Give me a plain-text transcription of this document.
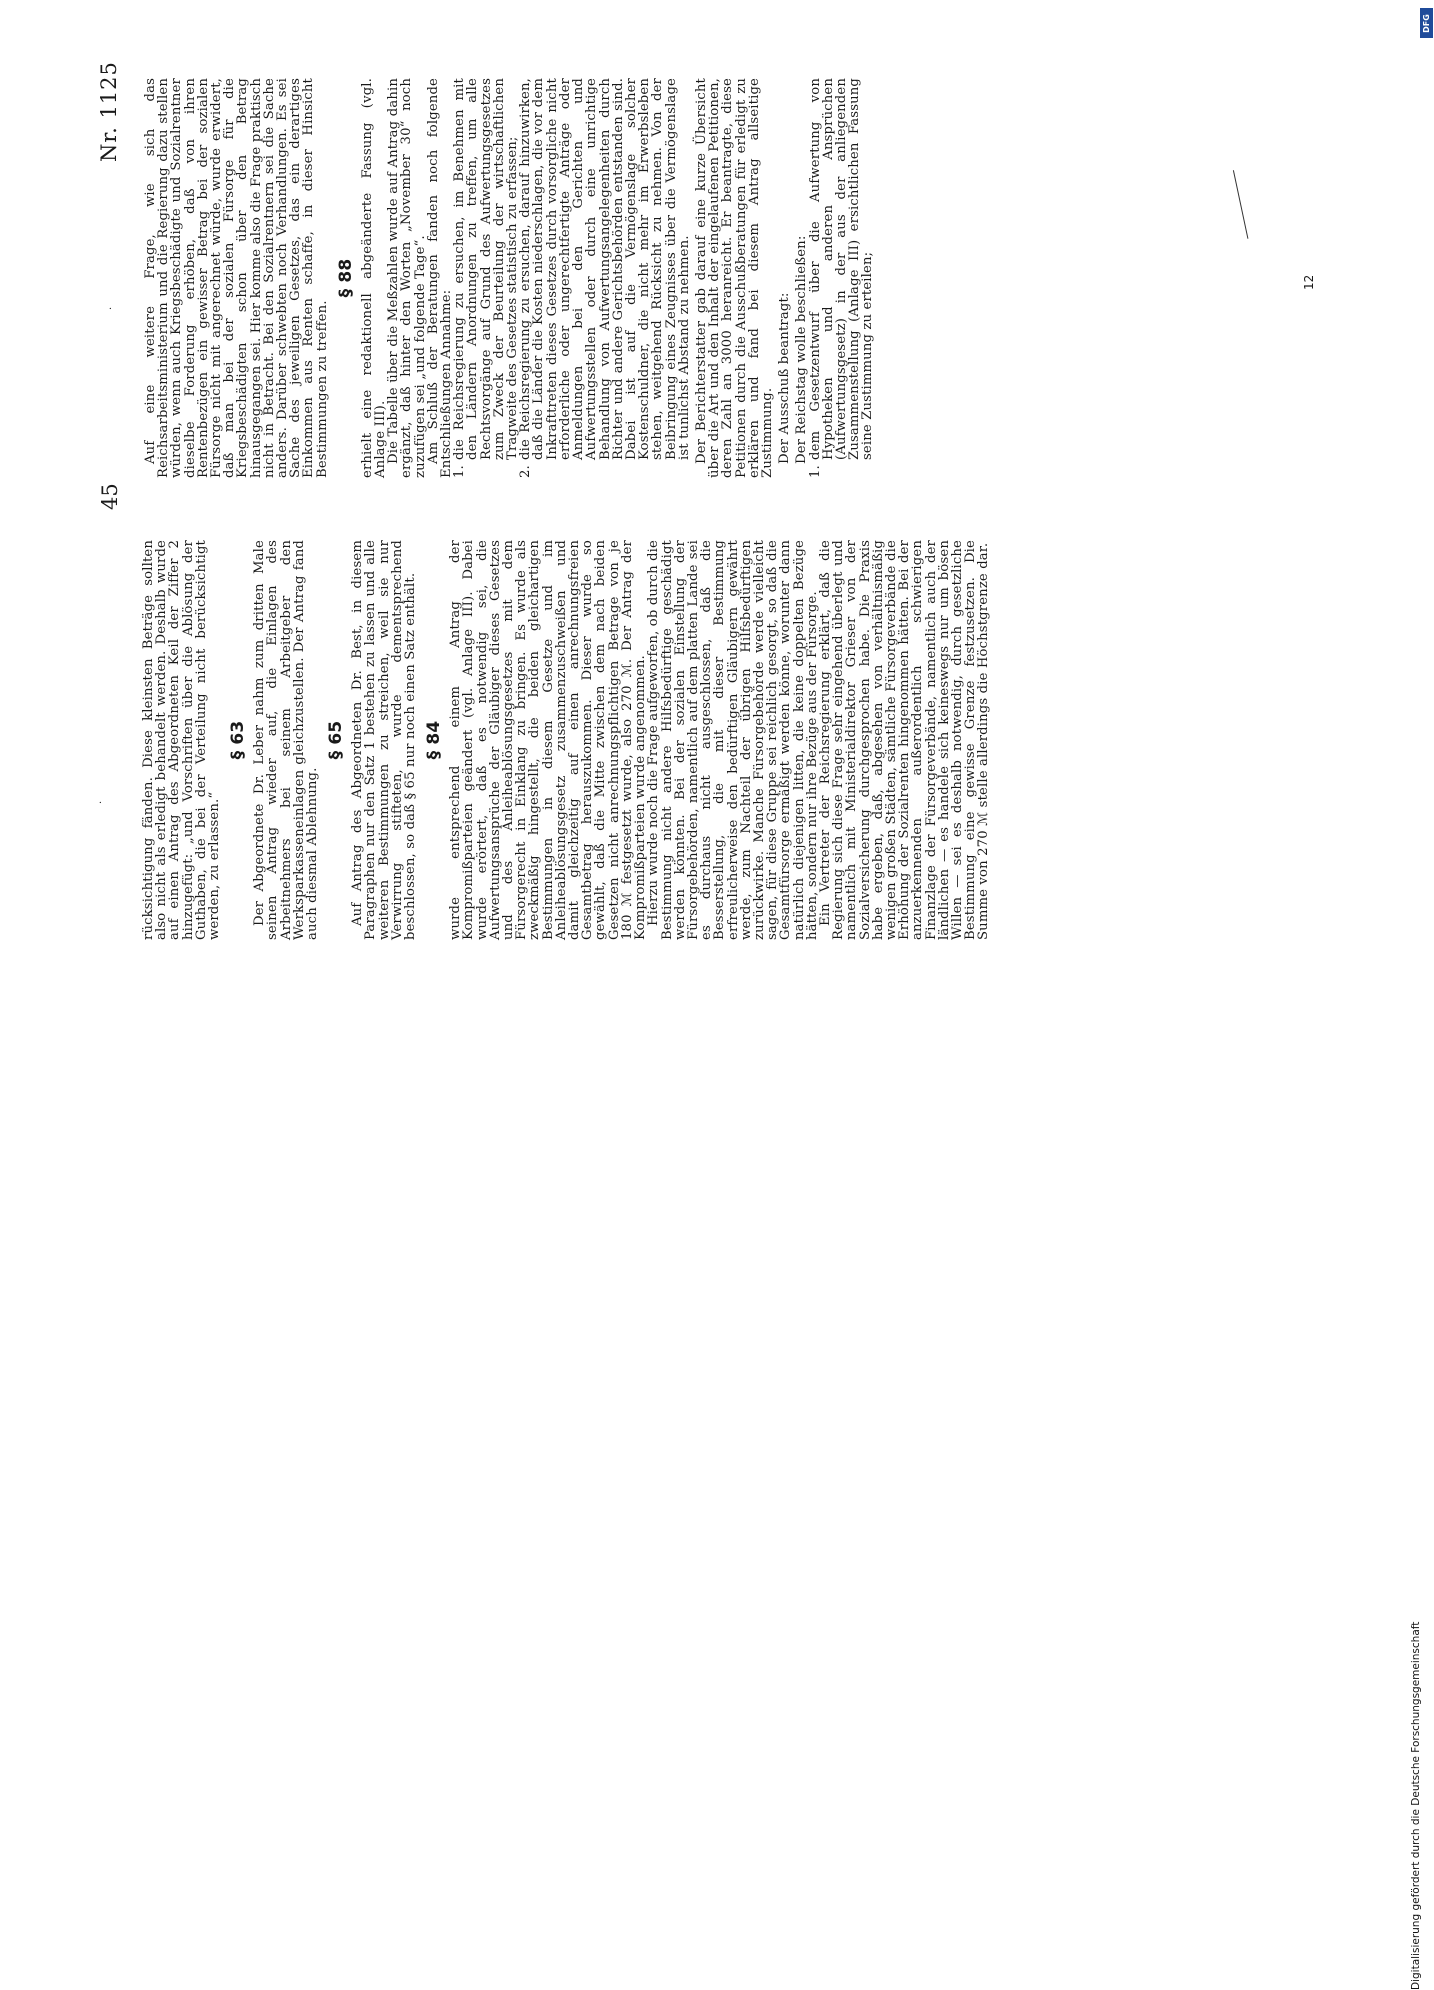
45
Nr. 1125
·
·	rücksichtigung fänden. Diese kleinsten Beträge sollten also nicht als erledigt behandelt werden. Deshalb wurde auf einen Antrag des Abgeordneten Keil der Ziffer 2 hinzugefügt: „und Vorschriften über die Ablösung der Guthaben, die bei der Verteilung nicht berücksichtigt werden, zu erlassen.“

§ 63 Der Abgeordnete Dr. Leber nahm zum dritten Male seinen Antrag wieder auf, die Einlagen des Arbeitnehmers bei seinem Arbeitgeber den Werksparkasseneinlagen gleichzustellen. Der Antrag fand auch diesmal Ablehnung.

§ 65 Auf Antrag des Abgeordneten Dr. Best, in diesem Paragraphen nur den Satz 1 bestehen zu lassen und alle weiteren Bestimmungen zu streichen, weil sie nur Verwirrung stifteten, wurde dementsprechend beschlossen, so daß § 65 nur noch einen Satz enthält. § 84 wurde entsprechend einem Antrag der Kompromißparteien geändert (vgl. Anlage III). Dabei wurde erörtert, daß es notwendig sei, die Aufwertungsansprüche der Gläubiger dieses Gesetzes und des Anleiheablösungsgesetzes mit dem Fürsorgerecht in Einklang zu bringen. Es wurde als zweckmäßig hingestellt, die beiden gleichartigen Bestimmungen in diesem Gesetze und im Anleiheablösungsgesetz zusammenzuschweißen und damit gleichzeitig auf einen anrechnungsfreien Gesamtbetrag herauszukommen. Dieser wurde so gewählt, daß die Mitte zwischen dem nach beiden Gesetzen nicht anrechnungspflichtigen Betrage von je 180 ℳ festgesetzt wurde, also 270 ℳ. Der Antrag der Kompromißparteien wurde angenommen.

Hierzu wurde noch die Frage aufgeworfen, ob durch die Bestimmung nicht andere Hilfsbedürftige geschädigt werden könnten. Bei der sozialen Einstellung der Fürsorgebehörden, namentlich auf dem platten Lande sei es durchaus nicht ausgeschlossen, daß die Besserstellung, die mit dieser Bestimmung erfreulicherweise den bedürftigen Gläubigern gewährt werde, zum Nachteil der übrigen Hilfsbedürftigen zurückwirke. Manche Fürsorgebehörde werde vielleicht sagen, für diese Gruppe sei reichlich gesorgt, so daß die Gesamtfürsorge ermäßigt werden könne, worunter dann natürlich diejenigen litten, die keine doppelten Bezüge hätten, sondern nur ihre Bezüge aus der Fürsorge.

Ein Vertreter der Reichsregierung erklärt, daß die Regierung sich diese Frage sehr eingehend überlegt und namentlich mit Ministerialdirektor Grieser von der Sozialversicherung durchgesprochen habe. Die Praxis habe ergeben, daß, abgesehen von verhältnismäßig wenigen großen Städten, sämtliche Fürsorgeverbände die Erhöhung der Sozialrenten hingenommen hätten. Bei der anzuerkennenden außerordentlich schwierigen Finanzlage der Fürsorgeverbände, namentlich auch der ländlichen — es handele sich keineswegs nur um bösen Willen — sei es deshalb notwendig, durch gesetzliche Bestimmung eine gewisse Grenze festzusetzen. Die Summe von 270 ℳ stelle allerdings die Höchstgrenze dar.

Auf eine weitere Frage, wie sich das Reichsarbeitsministerium und die Regierung dazu stellen würden, wenn auch Kriegsbeschädigte und Sozialrentner dieselbe Forderung erhöben, daß von ihren Rentenbezügen ein gewisser Betrag bei der sozialen Fürsorge nicht mit angerechnet würde, wurde erwidert, daß man bei der sozialen Fürsorge für die Kriegsbeschädigten schon über den Betrag hinausgegangen sei. Hier komme also die Frage praktisch nicht in Betracht. Bei den Sozialrentnern sei die Sache anders. Darüber schwebten noch Verhandlungen. Es sei Sache des jeweiligen Gesetzes, das ein derartiges Einkommen aus Renten schaffe, in dieser Hinsicht Bestimmungen zu treffen.

§ 88 erhielt eine redaktionell abgeänderte Fassung (vgl. Anlage III).

Die Tabelle über die Meßzahlen wurde auf Antrag dahin ergänzt, daß hinter den Worten „November 30“ noch zuzufügen sei „und folgende Tage“.

Am Schluß der Beratungen fanden noch folgende Entschließungen Annahme:

1.
die Reichsregierung zu ersuchen, im Benehmen mit den Ländern Anordnungen zu treffen, um alle Rechtsvorgänge auf Grund des Aufwertungsgesetzes zum Zweck der Beurteilung der wirtschaftlichen Tragweite des Gesetzes statistisch zu erfassen;

2.
die Reichsregierung zu ersuchen, darauf hinzuwirken, daß die Länder die Kosten niederschlagen, die vor dem Inkrafttreten dieses Gesetzes durch vorsorgliche nicht erforderliche oder ungerechtfertigte Anträge oder Anmeldungen bei den Gerichten und Aufwertungsstellen oder durch eine unrichtige Behandlung von Aufwertungsangelegenheiten durch Richter und andere Gerichtsbehörden entstanden sind. Dabei ist auf die Vermögenslage solcher Kostenschuldner, die nicht mehr im Erwerbsleben stehen, weitgehend Rücksicht zu nehmen. Von der Beibringung eines Zeugnisses über die Vermögenslage ist tunlichst Abstand zu nehmen. Der Berichterstatter gab darauf eine kurze Übersicht über die Art und den Inhalt der eingelaufenen Petitionen, deren Zahl an 3000 heranreicht. Er beantragte, diese Petitionen durch die Ausschußberatungen für erledigt zu erklären und fand bei diesem Antrag allseitige Zustimmung. Der Ausschuß beantragt: Der Reichstag wolle beschließen:

1.
dem Gesetzentwurf über die Aufwertung von Hypotheken und anderen Ansprüchen (Aufwertungsgesetz) in der aus der anliegenden Zusammenstellung (Anlage III) ersichtlichen Fassung seine Zustimmung zu erteilen;	12
DFG
Digitalisierung gefördert durch die Deutsche Forschungsgemeinschaft
